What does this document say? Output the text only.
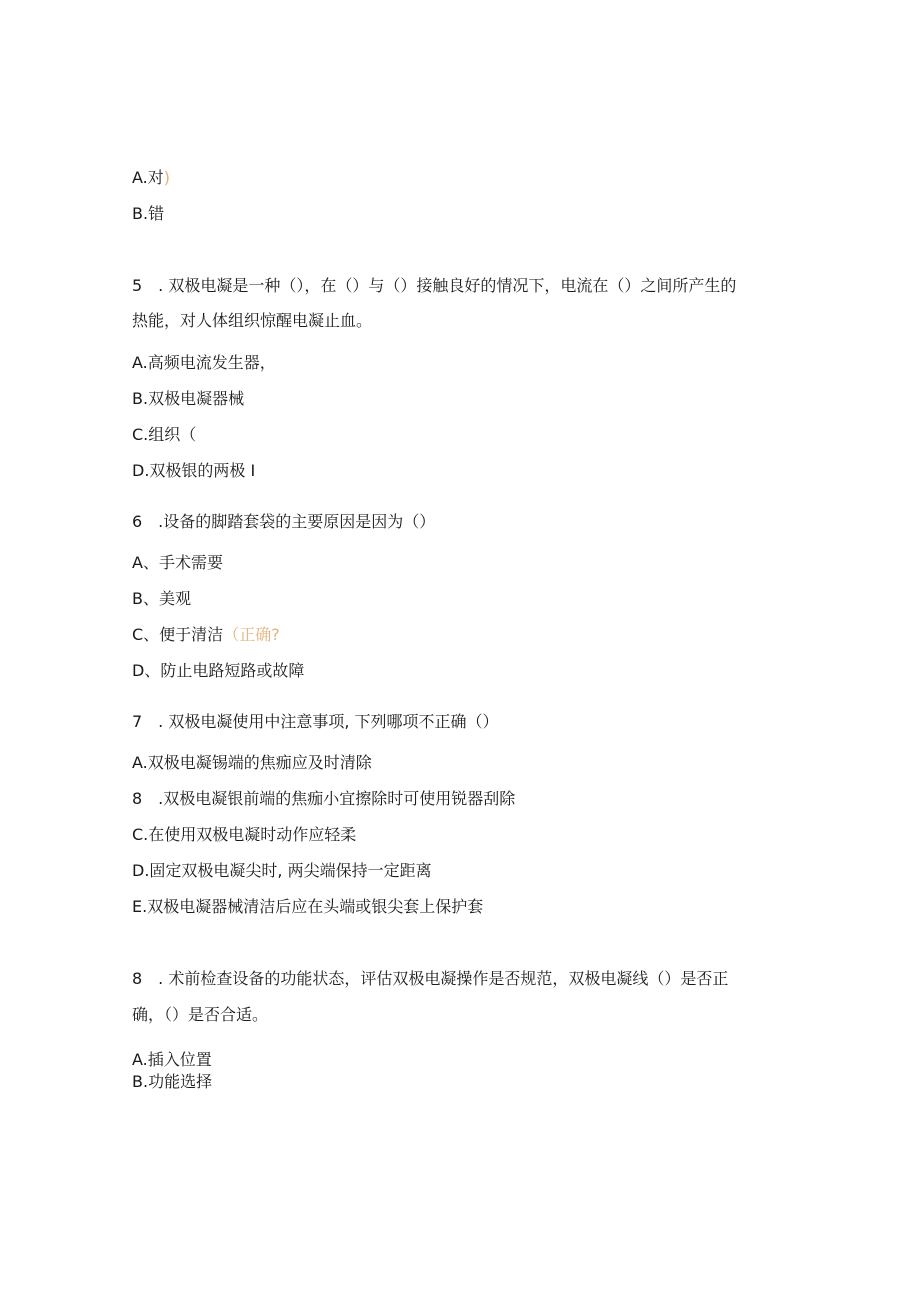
A.对)
B.错
5　. 双极电凝是一种（），在（）与（）接触良好的情况下，电流在（）之间所产生的
热能，对人体组织惊醒电凝止血。
A.高频电流发生器，
B.双极电凝器械
C.组织（
D.双极银的两极 I
6　.设备的脚踏套袋的主要原因是因为（）
A、手术需要
B、美观
C、便于清洁（正确?
D、防止电路短路或故障
7　. 双极电凝使用中注意事项, 下列哪项不正确（）
A.双极电凝锡端的焦痂应及时清除
8　.双极电凝银前端的焦痂小宜擦除时可使用锐器刮除
C.在使用双极电凝时动作应轻柔
D.固定双极电凝尖时, 两尖端保持一定距离
E.双极电凝器械清洁后应在头端或银尖套上保护套
8　. 术前检查设备的功能状态，评估双极电凝操作是否规范，双极电凝线（）是否正
确，（）是否合适。
A.插入位置
B.功能选择
